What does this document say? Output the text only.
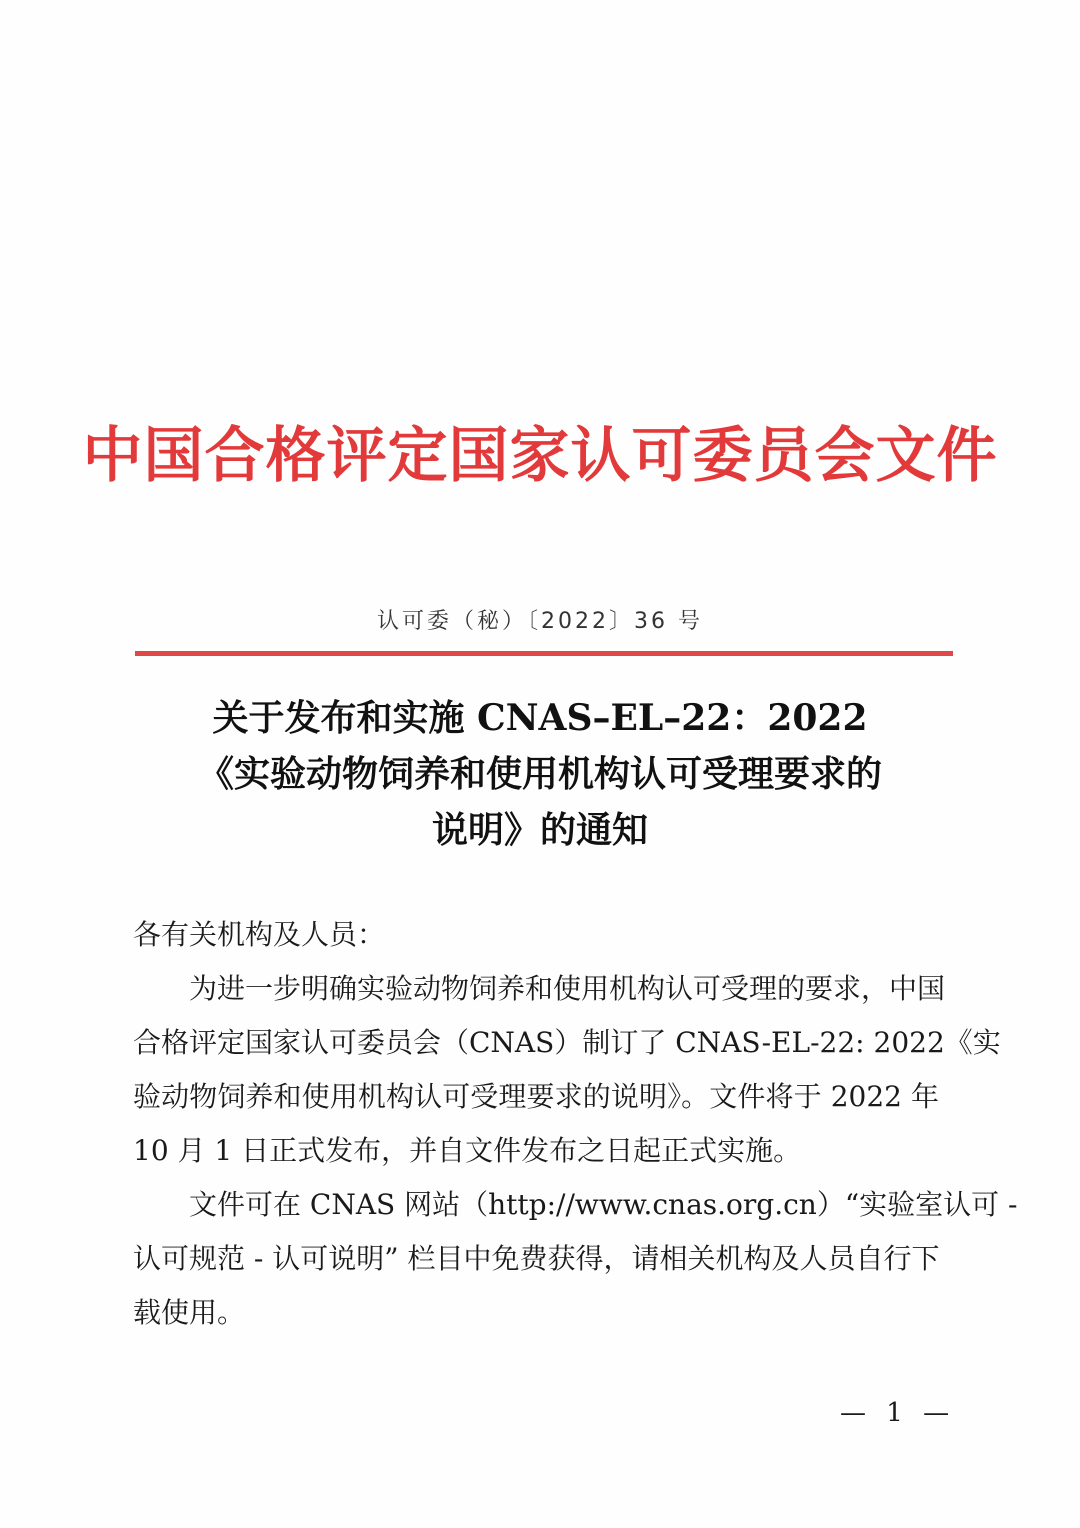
中国合格评定国家认可委员会文件
认可委（秘）〔2022〕36 号
关于发布和实施 CNAS–EL–22：2022
《实验动物饲养和使用机构认可受理要求的
说明》的通知
各有关机构及人员：
为进一步明确实验动物饲养和使用机构认可受理的要求，中国
合格评定国家认可委员会（CNAS）制订了 CNAS-EL-22: 2022《实
验动物饲养和使用机构认可受理要求的说明》。文件将于 2022 年
10 月 1 日正式发布，并自文件发布之日起正式实施。
文件可在 CNAS 网站（http://www.cnas.org.cn）“实验室认可 -
认可规范 - 认可说明” 栏目中免费获得，请相关机构及人员自行下
载使用。
— 1 —
